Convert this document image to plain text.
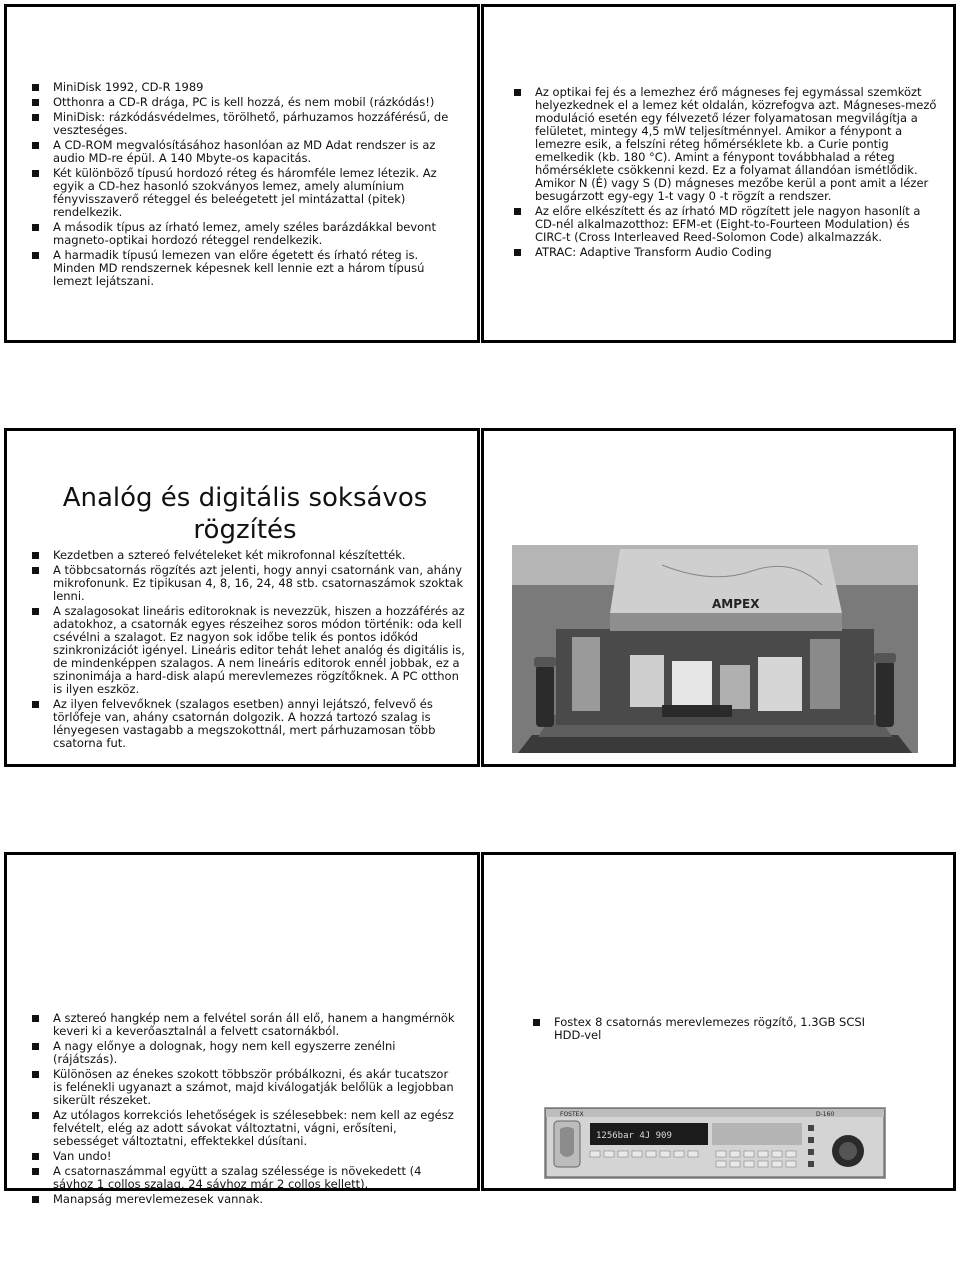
MiniDisk 1992, CD-R 1989
Otthonra a CD-R drága, PC is kell hozzá, és nem mobil (rázkódás!)
MiniDisk: rázkódásvédelmes, törölhető, párhuzamos hozzáférésű, de veszteséges.
A CD-ROM megvalósításához hasonlóan az MD Adat rendszer is az audio MD-re épül. A 140 Mbyte-os kapacitás.
Két különböző típusú hordozó réteg és háromféle lemez létezik. Az egyik a CD-hez hasonló szokványos lemez, amely alumínium fényvisszaverő réteggel és beleégetett jel mintázattal (pitek) rendelkezik.
A második típus az írható lemez, amely széles barázdákkal bevont magneto-optikai hordozó réteggel rendelkezik.
A harmadik típusú lemezen van előre égetett és írható réteg is. Minden MD rendszernek képesnek kell lennie ezt a három típusú lemezt lejátszani.
Az optikai fej és a lemezhez érő mágneses fej egymással szemközt helyezkednek el a lemez két oldalán, közrefogva azt. Mágneses-mező moduláció esetén egy félvezető lézer folyamatosan megvilágítja a felületet, mintegy 4,5 mW teljesítménnyel. Amikor a fénypont a lemezre esik, a felszíni réteg hőmérséklete kb. a Curie pontig emelkedik (kb. 180 °C). Amint a fénypont továbbhalad a réteg hőmérséklete csökkenni kezd. Ez a folyamat állandóan ismétlődik. Amikor N (É) vagy S (D) mágneses mezőbe kerül a pont amit a lézer besugárzott egy-egy 1-t vagy 0 -t rögzít a rendszer.
Az előre elkészített és az írható MD rögzített jele nagyon hasonlít a CD-nél alkalmazotthoz: EFM-et (Eight-to-Fourteen Modulation) és CIRC-t (Cross Interleaved Reed-Solomon Code) alkalmazzák.
ATRAC: Adaptive Transform Audio Coding

Analóg és digitális soksávos

rögzítés

Kezdetben a sztereó felvételeket két mikrofonnal készítették.
A többcsatornás rögzítés azt jelenti, hogy annyi csatornánk van, ahány mikrofonunk. Ez tipikusan 4, 8, 16, 24, 48 stb. csatornaszámok szoktak lenni.
A szalagosokat lineáris editoroknak is nevezzük, hiszen a hozzáférés az adatokhoz, a csatornák egyes részeihez soros módon történik: oda kell csévélni a szalagot. Ez nagyon sok időbe telik és pontos időkód szinkronizációt igényel. Lineáris editor tehát lehet analóg és digitális is, de mindenképpen szalagos. A nem lineáris editorok ennél jobbak, ez a szinonimája a hard-disk alapú merevlemezes rögzítőknek. A PC otthon is ilyen eszköz.
Az ilyen felvevőknek (szalagos esetben) annyi lejátszó, felvevő és törlőfeje van, ahány csatornán dolgozik. A hozzá tartozó szalag is lényegesen vastagabb a megszokottnál, mert párhuzamosan több csatorna fut.
AMPEX
A sztereó hangkép nem a felvétel során áll elő, hanem a hangmérnök keveri ki a keverőasztalnál a felvett csatornákból.
A nagy előnye a dolognak, hogy nem kell egyszerre zenélni (rájátszás).
Különösen az énekes szokott többször próbálkozni, és akár tucatszor is felénekli ugyanazt a számot, majd kiválogatják belőlük a legjobban sikerült részeket.
Az utólagos korrekciós lehetőségek is szélesebbek: nem kell az egész felvételt, elég az adott sávokat változtatni, vágni, erősíteni, sebességet változtatni, effektekkel dúsítani.
Van undo!
A csatornaszámmal együtt a szalag szélessége is növekedett (4 sávhoz 1 collos szalag, 24 sávhoz már 2 collos kellett).
Manapság merevlemezesek vannak.
Fostex 8 csatornás merevlemezes rögzítő, 1.3GB SCSI HDD-vel
FOSTEX	D-160
1256bar 4J 909
